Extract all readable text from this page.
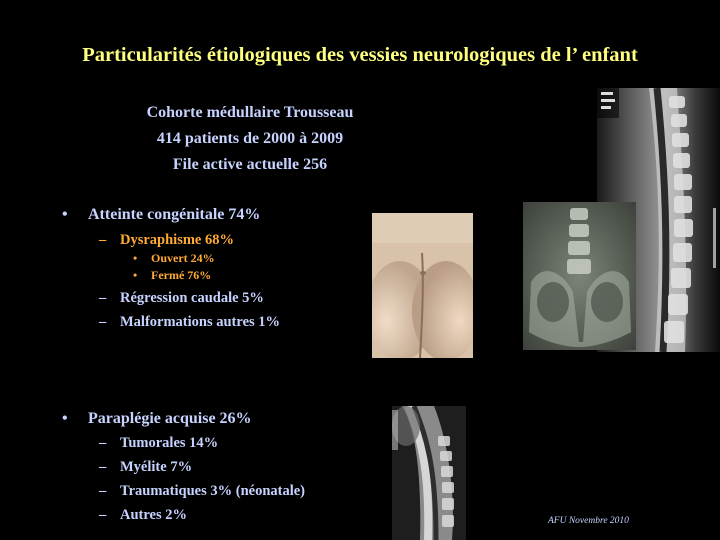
Particularités étiologiques des vessies neurologiques de l’ enfant
Cohorte médullaire Trousseau
414 patients de 2000 à 2009
File active actuelle 256
• Atteinte congénitale 74%
– Dysraphisme 68%
• Ouvert 24%
• Fermé 76%
– Régression caudale 5%
– Malformations autres 1%
• Paraplégie acquise 26%
– Tumorales 14%
– Myélite 7%
– Traumatiques 3% (néonatale)
– Autres 2%	AFU Novembre 2010
